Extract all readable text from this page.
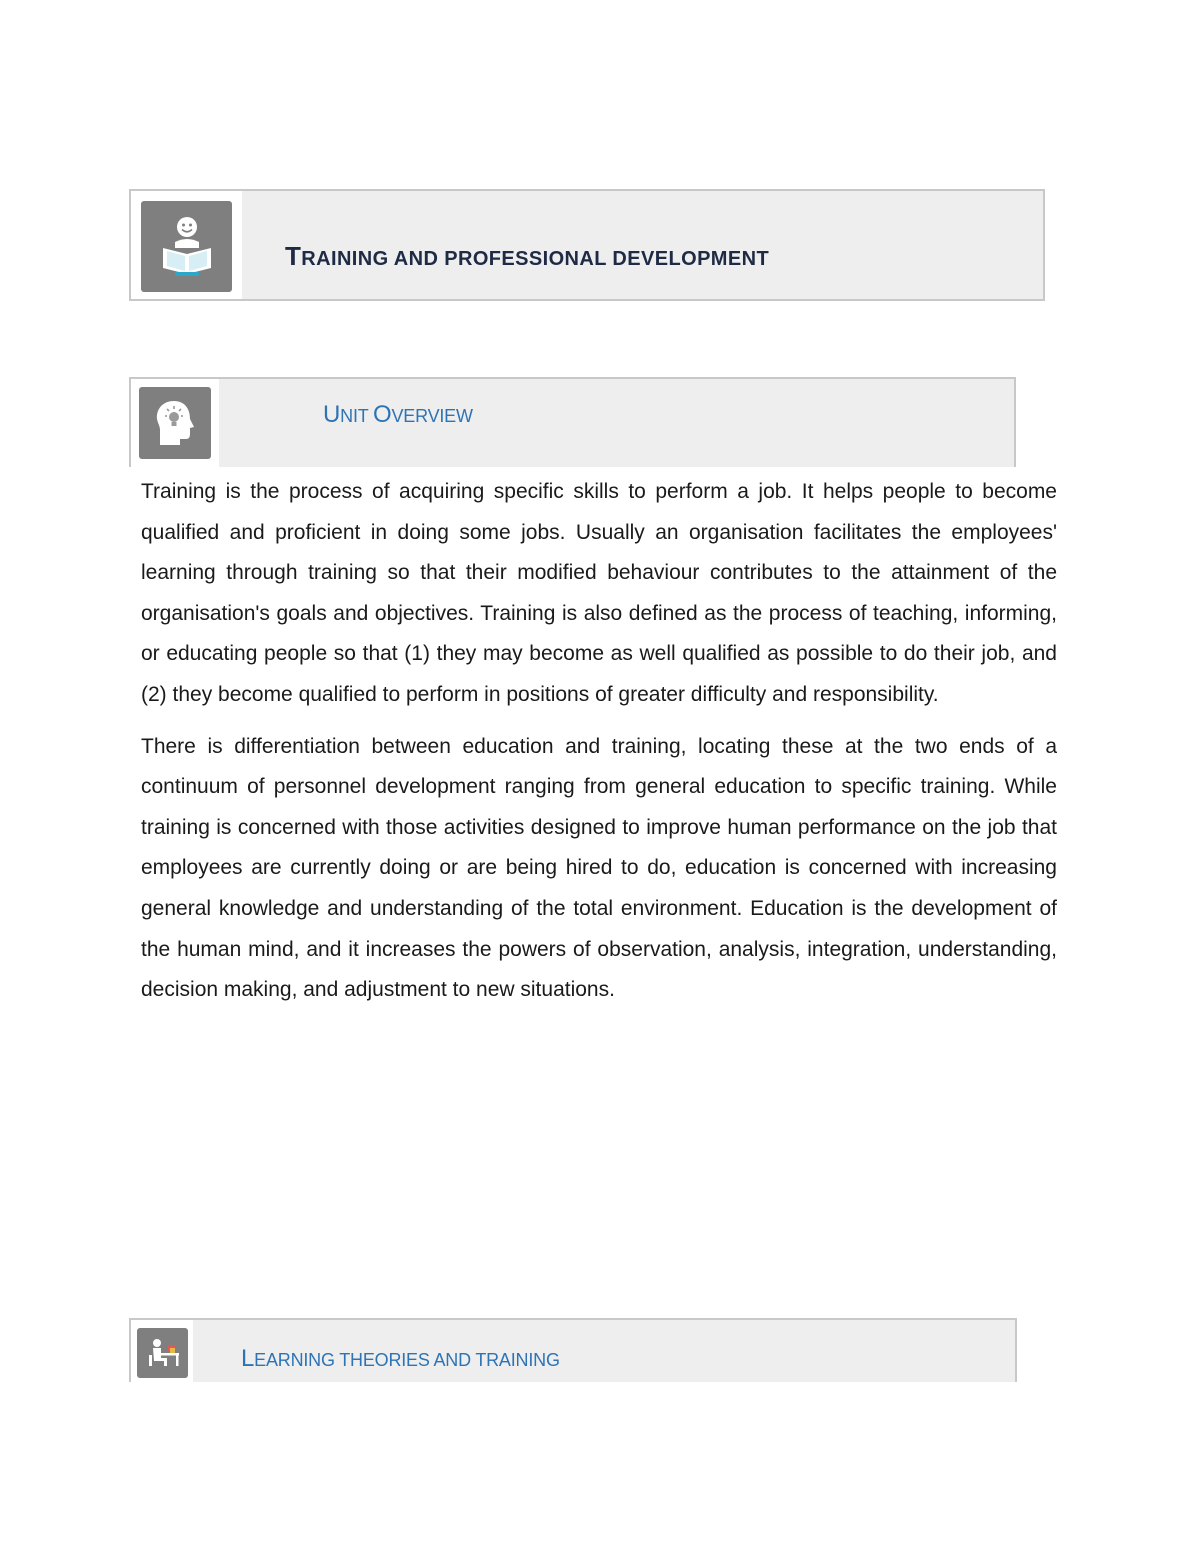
TRAINING AND PROFESSIONAL DEVELOPMENT
UNIT OVERVIEW

Training is the process of acquiring specific skills to perform a job. It helps people to become qualified and proficient in doing some jobs. Usually an organisation facilitates the employees' learning through training so that their modified behaviour contributes to the attainment of the organisation's goals and objectives. Training is also defined as the process of teaching, informing, or educating people so that (1) they may become as well qualified as possible to do their job, and (2) they become qualified to perform in positions of greater difficulty and responsibility.

There is differentiation between education and training, locating these at the two ends of a continuum of personnel development ranging from general education to specific training. While training is concerned with those activities designed to improve human performance on the job that employees are currently doing or are being hired to do, education is concerned with increasing general knowledge and understanding of the total environment. Education is the development of the human mind, and it increases the powers of observation, analysis, integration, understanding, decision making, and adjustment to new situations.

LEARNING THEORIES AND TRAINING
